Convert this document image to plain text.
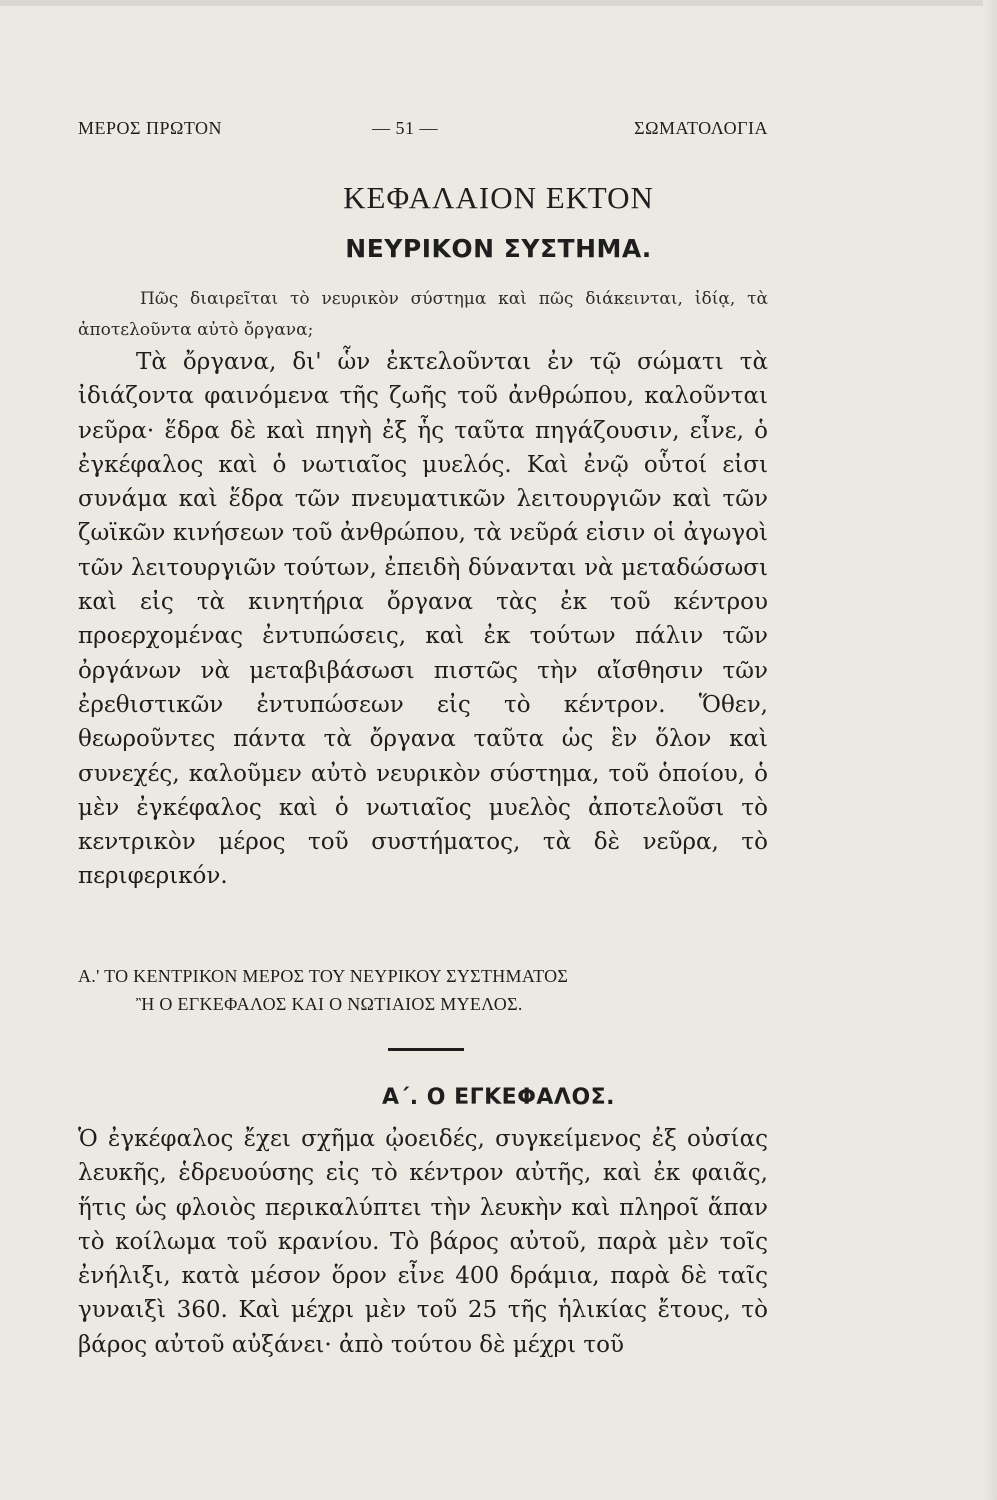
ΜΕΡΟΣ ΠΡΩΤΟΝ	— 51 —	ΣΩΜΑΤΟΛΟΓΙΑ
ΚΕΦΑΛΑΙΟΝ ΕΚΤΟΝ
ΝΕΥΡΙΚΟΝ ΣΥΣΤΗΜΑ.
Πῶς διαιρεῖται τὸ νευρικὸν σύστημα καὶ πῶς διάκεινται, ἰδίᾳ, τὰ ἀποτελοῦντα αὐτὸ ὄργανα;
Τὰ ὄργανα, δι' ὧν ἐκτελοῦνται ἐν τῷ σώματι τὰ ἰδιάζοντα φαινόμενα τῆς ζωῆς τοῦ ἀνθρώπου, καλοῦνται νεῦρα· ἕδρα δὲ καὶ πηγὴ ἐξ ἧς ταῦτα πηγάζουσιν, εἶνε, ὁ ἐγκέφαλος καὶ ὁ νωτιαῖος μυελός. Καὶ ἐνῷ οὗτοί εἰσι συνάμα καὶ ἕδρα τῶν πνευματικῶν λειτουργιῶν καὶ τῶν ζωϊκῶν κινήσεων τοῦ ἀνθρώπου, τὰ νεῦρά εἰσιν οἱ ἀγωγοὶ τῶν λειτουργιῶν τούτων, ἐπειδὴ δύνανται νὰ μεταδώσωσι καὶ εἰς τὰ κινητήρια ὄργανα τὰς ἐκ τοῦ κέντρου προερχομένας ἐντυπώσεις, καὶ ἐκ τούτων πάλιν τῶν ὀργάνων νὰ μεταβιβάσωσι πιστῶς τὴν αἴσθησιν τῶν ἐρεθιστικῶν ἐντυπώσεων εἰς τὸ κέντρον. Ὅθεν, θεωροῦντες πάντα τὰ ὄργανα ταῦτα ὡς ἓν ὅλον καὶ συνεχές, καλοῦμεν αὐτὸ νευρικὸν σύστημα, τοῦ ὁποίου, ὁ μὲν ἐγκέφαλος καὶ ὁ νωτιαῖος μυελὸς ἀποτελοῦσι τὸ κεντρικὸν μέρος τοῦ συστήματος, τὰ δὲ νεῦρα, τὸ περιφερικόν.
Α.' ΤΟ ΚΕΝΤΡΙΚΟΝ ΜΕΡΟΣ ΤΟΥ ΝΕΥΡΙΚΟΥ ΣΥΣΤΗΜΑΤΟΣ
Ἢ Ο ΕΓΚΕΦΑΛΟΣ ΚΑΙ Ο ΝΩΤΙΑΙΟΣ ΜΥΕΛΟΣ.
Α΄. Ο ΕΓΚΕΦΑΛΟΣ.
Ὁ ἐγκέφαλος ἔχει σχῆμα ᾠοειδές, συγκείμενος ἐξ οὐσίας λευκῆς, ἑδρευούσης εἰς τὸ κέντρον αὐτῆς, καὶ ἐκ φαιᾶς, ἥτις ὡς φλοιὸς περικαλύπτει τὴν λευκὴν καὶ πληροῖ ἅπαν τὸ κοίλωμα τοῦ κρανίου. Τὸ βάρος αὐτοῦ, παρὰ μὲν τοῖς ἐνήλιξι, κατὰ μέσον ὅρον εἶνε 400 δράμια, παρὰ δὲ ταῖς γυναιξὶ 360. Καὶ μέχρι μὲν τοῦ 25 τῆς ἡλικίας ἔτους, τὸ βάρος αὐτοῦ αὐξάνει· ἀπὸ τούτου δὲ μέχρι τοῦ
